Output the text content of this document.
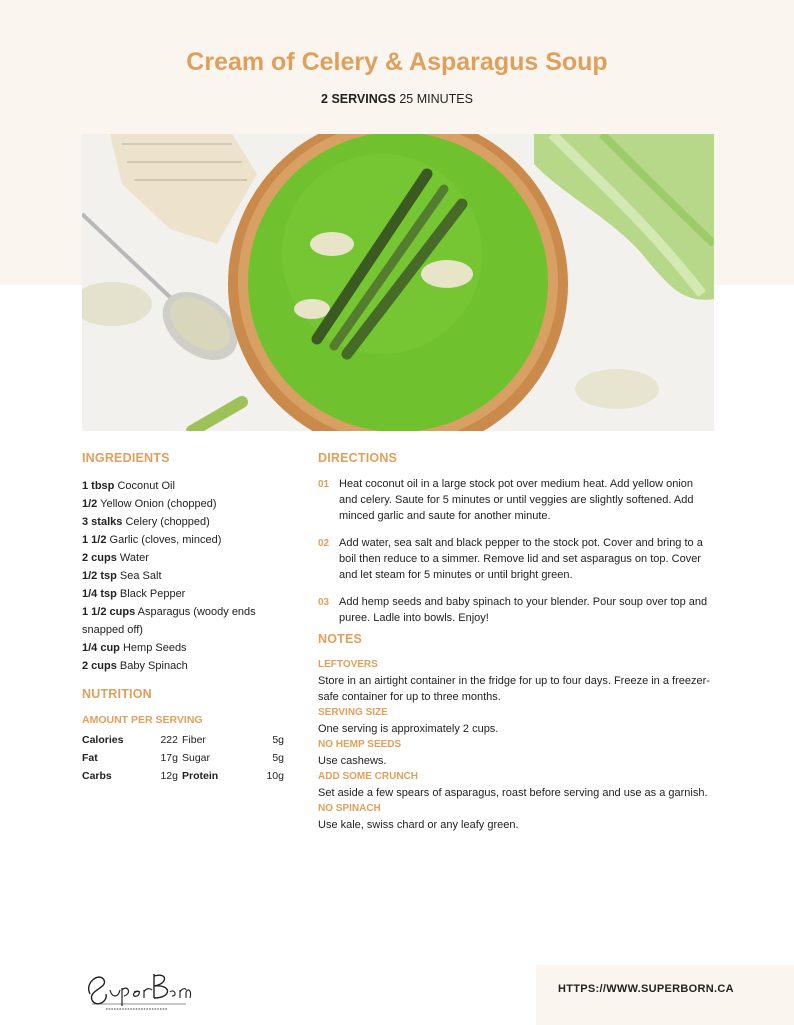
Cream of Celery & Asparagus Soup
2 SERVINGS 25 MINUTES
INGREDIENTS
1 tbsp Coconut Oil
1/2 Yellow Onion (chopped)
3 stalks Celery (chopped)
1 1/2 Garlic (cloves, minced)
2 cups Water
1/2 tsp Sea Salt
1/4 tsp Black Pepper
1 1/2 cups Asparagus (woody ends snapped off)
1/4 cup Hemp Seeds
2 cups Baby Spinach
NUTRITION
AMOUNT PER SERVING
Calories	222 Fiber	5g
Fat	17g Sugar	5g
Carbs	12g Protein	10g
DIRECTIONS
01 Heat coconut oil in a large stock pot over medium heat. Add yellow onion and celery. Saute for 5 minutes or until veggies are slightly softened. Add minced garlic and saute for another minute.
02 Add water, sea salt and black pepper to the stock pot. Cover and bring to a boil then reduce to a simmer. Remove lid and set asparagus on top. Cover and let steam for 5 minutes or until bright green.
03 Add hemp seeds and baby spinach to your blender. Pour soup over top and puree. Ladle into bowls. Enjoy!
NOTES
LEFTOVERS
Store in an airtight container in the fridge for up to four days. Freeze in a freezer-safe container for up to three months.
SERVING SIZE
One serving is approximately 2 cups.
NO HEMP SEEDS
Use cashews.
ADD SOME CRUNCH
Set aside a few spears of asparagus, roast before serving and use as a garnish.
NO SPINACH
Use kale, swiss chard or any leafy green.
HTTPS://WWW.SUPERBORN.CA
